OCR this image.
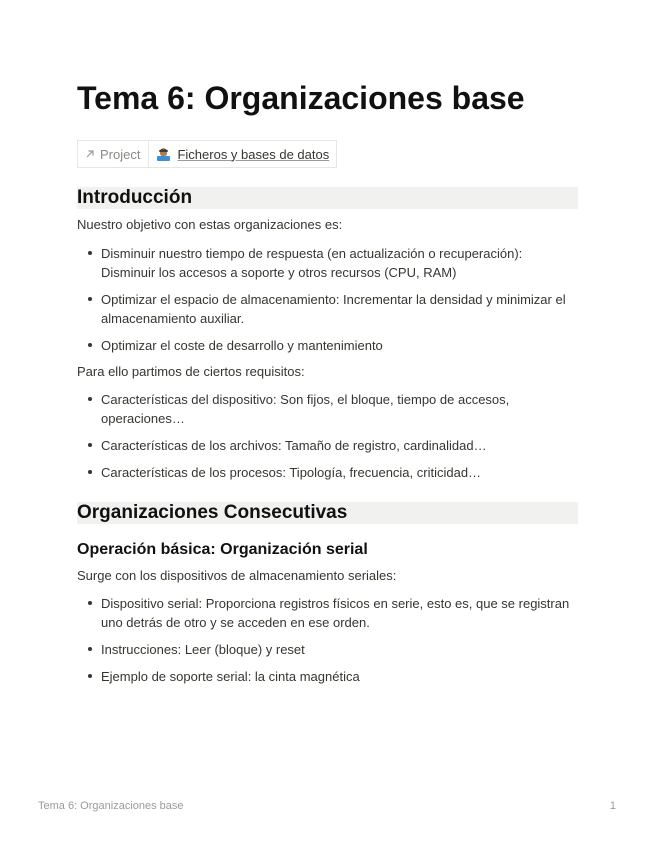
Tema 6: Organizaciones base
Project	Ficheros y bases de datos
Introducción

Nuestro objetivo con estas organizaciones es:

Disminuir nuestro tiempo de respuesta (en actualización o recuperación): Disminuir los accesos a soporte y otros recursos (CPU, RAM)
Optimizar el espacio de almacenamiento: Incrementar la densidad y minimizar el almacenamiento auxiliar.
Optimizar el coste de desarrollo y mantenimiento

Para ello partimos de ciertos requisitos:

Características del dispositivo: Son fijos, el bloque, tiempo de accesos, operaciones…
Características de los archivos: Tamaño de registro, cardinalidad…
Características de los procesos: Tipología, frecuencia, criticidad…
Organizaciones Consecutivas
Operación básica: Organización serial

Surge con los dispositivos de almacenamiento seriales:

Dispositivo serial: Proporciona registros físicos en serie, esto es, que se registran uno detrás de otro y se acceden en ese orden.
Instrucciones: Leer (bloque) y reset
Ejemplo de soporte serial: la cinta magnética
Tema 6: Organizaciones base	1
